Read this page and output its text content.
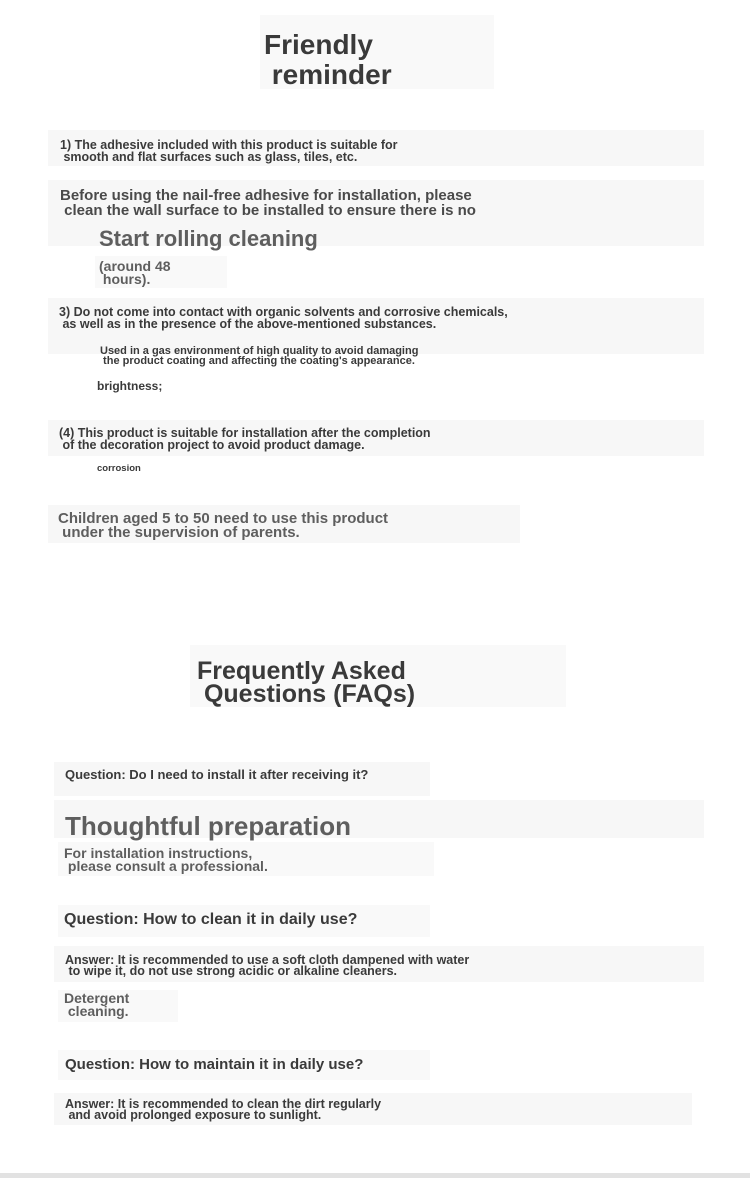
Friendly
reminder
1) The adhesive included with this product is suitable for
smooth and flat surfaces such as glass, tiles, etc.
Before using the nail-free adhesive for installation, please
clean the wall surface to be installed to ensure there is no
Start rolling cleaning
(around 48
hours).
3) Do not come into contact with organic solvents and corrosive chemicals,
as well as in the presence of the above-mentioned substances.
Used in a gas environment of high quality to avoid damaging
the product coating and affecting the coating's appearance.
brightness;
(4) This product is suitable for installation after the completion
of the decoration project to avoid product damage.
corrosion
Children aged 5 to 50 need to use this product
under the supervision of parents.
Frequently Asked
Questions (FAQs)
Question: Do I need to install it after receiving it?
Thoughtful preparation
For installation instructions,
please consult a professional.
Question: How to clean it in daily use?
Answer: It is recommended to use a soft cloth dampened with water
to wipe it, do not use strong acidic or alkaline cleaners.
Detergent
cleaning.
Question: How to maintain it in daily use?
Answer: It is recommended to clean the dirt regularly
and avoid prolonged exposure to sunlight.
